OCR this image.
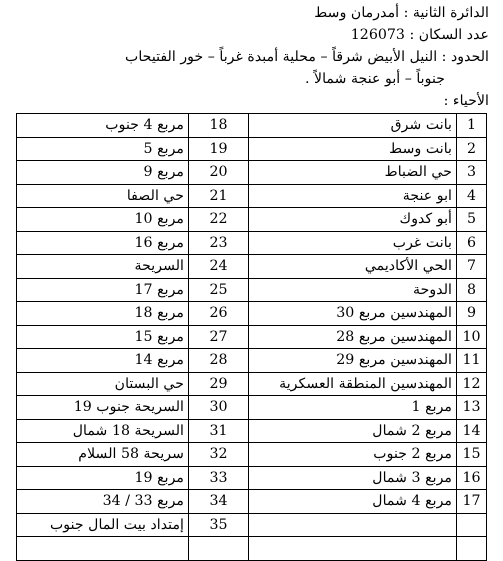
الدائرة الثانية : أمدرمان وسط
عدد السكان : 126073
الحدود : النيل الأبيض شرقاً – محلية أمبدة غرباً – خور الفتيحاب
جنوباً – أبو عنجة شمالاً .
الأحياء :
مربع 4 جنوب	18	بانت شرق	1
مربع 5	19	بانت وسط	2
مربع 9	20	حي الضباط	3
حي الصفا	21	ابو عنجة	4
مربع 10	22	أبو كدوك	5
مربع 16	23	بانت غرب	6
السريحة	24	الحي الأكاديمي	7
مربع 17	25	الدوحة	8
مربع 18	26	المهندسين مربع 30	9
مربع 15	27	المهندسين مربع 28	10
مربع 14	28	المهندسين مربع 29	11
حي البستان	29	المهندسين المنطقة العسكرية	12
السريحة جنوب 19	30	مربع 1	13
السريحة 18 شمال	31	مربع 2 شمال	14
سريحة 58 السلام	32	مربع 2 جنوب	15
مربع 19	33	مربع 3 شمال	16
مربع 33 / 34	34	مربع 4 شمال	17
إمتداد بيت المال جنوب	35		
